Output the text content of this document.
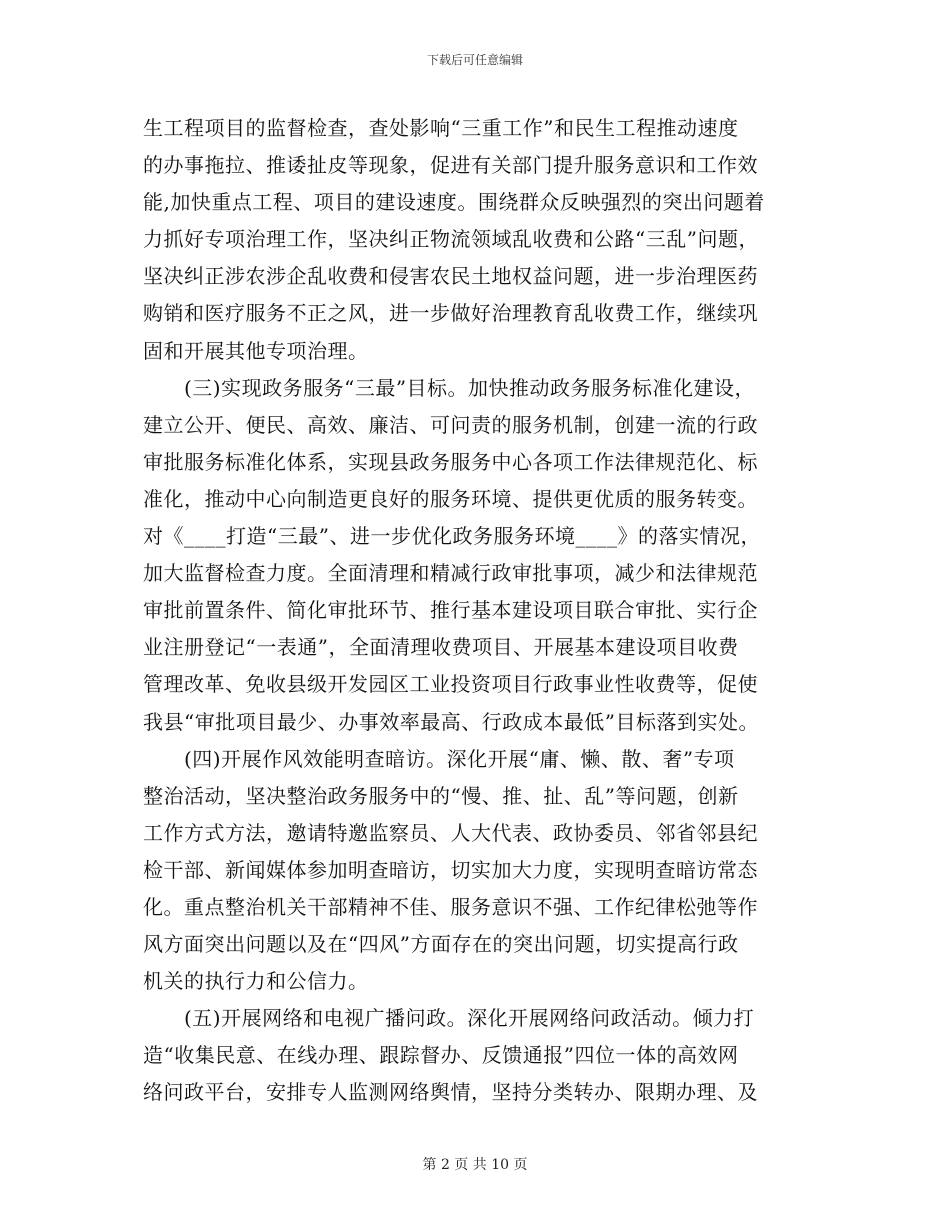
下载后可任意编辑
生工程项目的监督检查，查处影响“三重工作”和民生工程推动速度
的办事拖拉、推诿扯皮等现象，促进有关部门提升服务意识和工作效
能,加快重点工程、项目的建设速度。围绕群众反映强烈的突出问题着
力抓好专项治理工作，坚决纠正物流领域乱收费和公路“三乱”问题，
坚决纠正涉农涉企乱收费和侵害农民土地权益问题，进一步治理医药
购销和医疗服务不正之风，进一步做好治理教育乱收费工作，继续巩
固和开展其他专项治理。
　　(三)实现政务服务“三最”目标。加快推动政务服务标准化建设，
建立公开、便民、高效、廉洁、可问责的服务机制，创建一流的行政
审批服务标准化体系，实现县政务服务中心各项工作法律规范化、标
准化，推动中心向制造更良好的服务环境、提供更优质的服务转变。
对《____打造“三最”、进一步优化政务服务环境____》的落实情况，
加大监督检查力度。全面清理和精减行政审批事项，减少和法律规范
审批前置条件、简化审批环节、推行基本建设项目联合审批、实行企
业注册登记“一表通”，全面清理收费项目、开展基本建设项目收费
管理改革、免收县级开发园区工业投资项目行政事业性收费等，促使
我县“审批项目最少、办事效率最高、行政成本最低”目标落到实处。
　　(四)开展作风效能明查暗访。深化开展“庸、懒、散、奢”专项
整治活动，坚决整治政务服务中的“慢、推、扯、乱”等问题，创新
工作方式方法，邀请特邀监察员、人大代表、政协委员、邻省邻县纪
检干部、新闻媒体参加明查暗访，切实加大力度，实现明查暗访常态
化。重点整治机关干部精神不佳、服务意识不强、工作纪律松弛等作
风方面突出问题以及在“四风”方面存在的突出问题，切实提高行政
机关的执行力和公信力。
　　(五)开展网络和电视广播问政。深化开展网络问政活动。倾力打
造“收集民意、在线办理、跟踪督办、反馈通报”四位一体的高效网
络问政平台，安排专人监测网络舆情，坚持分类转办、限期办理、及
第 2 页 共 10 页
